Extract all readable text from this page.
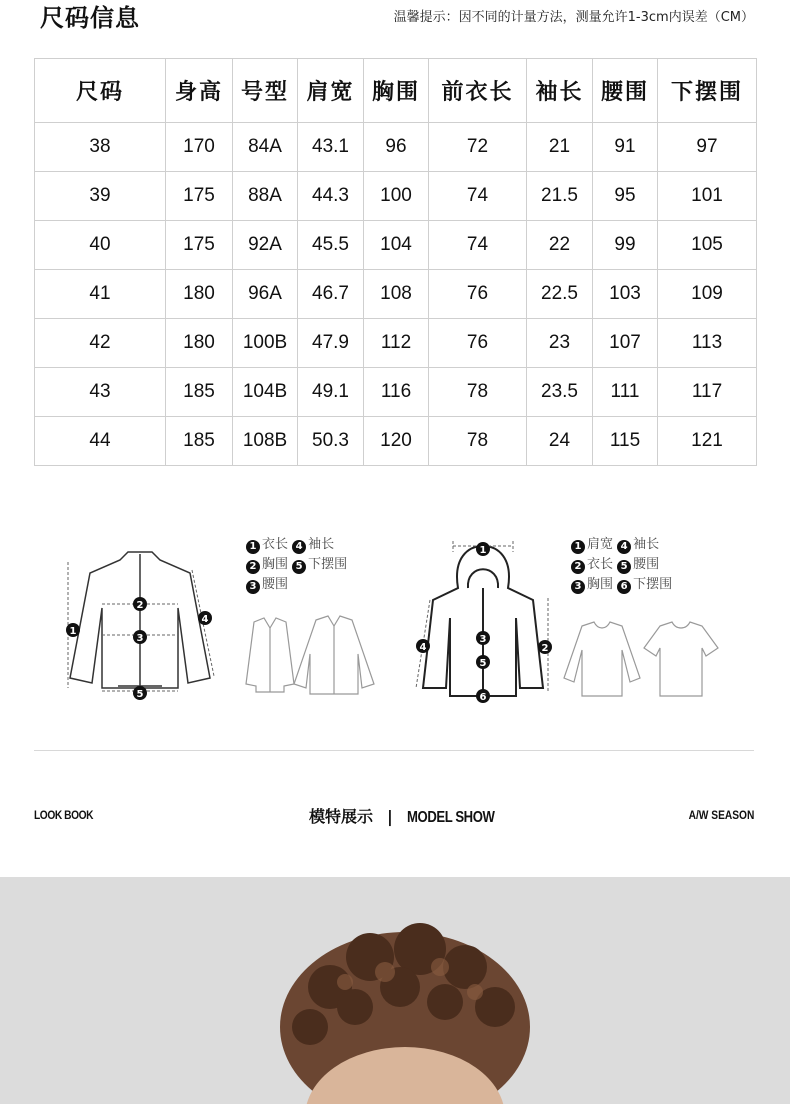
尺码信息	温馨提示：因不同的计量方法，测量允许1-3cm内误差（CM）
尺码	身高	号型	肩宽	胸围	前衣长	袖长	腰围	下摆围
38	170	84A	43.1	96	72	21	91	97
39	175	88A	44.3	100	74	21.5	95	101
40	175	92A	45.5	104	74	22	99	105
41	180	96A	46.7	108	76	22.5	103	109
42	180	100B	47.9	112	76	23	107	113
43	185	104B	49.1	116	78	23.5	111	117
44	185	108B	50.3	120	78	24	115	121
1
2
3
4
5
1 衣长 4 袖长
2 胸围 5 下摆围
3 腰围
1
2
3
4
5
6
1 肩宽 4 袖长
2 衣长 5 腰围
3 胸围 6 下摆围
LOOK BOOK	模特展示 | MODEL SHOW	A/W SEASON
